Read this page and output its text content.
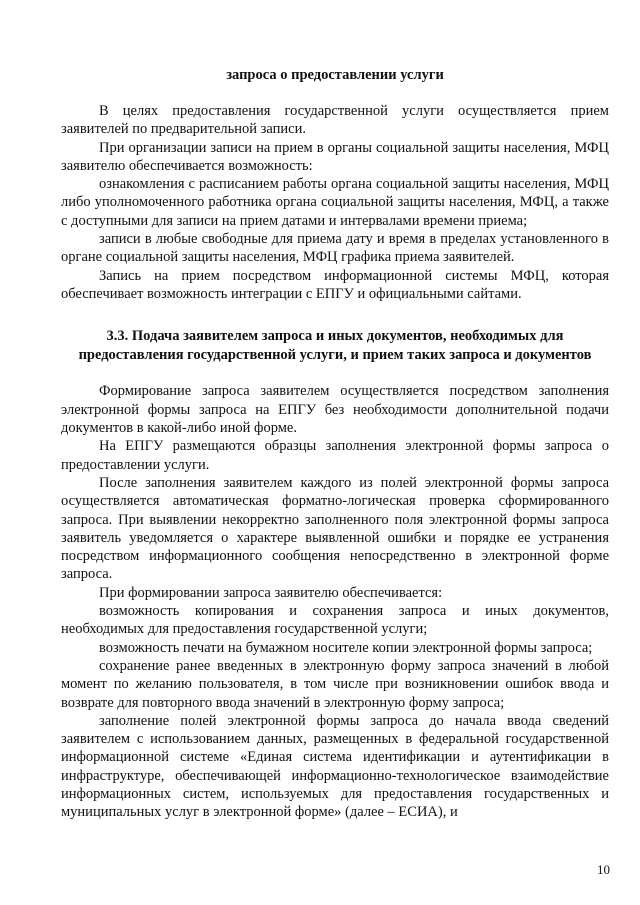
запроса о предоставлении услуги

В целях предоставления государственной услуги осуществляется прием заявителей по предварительной записи.

При организации записи на прием в органы социальной защиты населения, МФЦ заявителю обеспечивается возможность:

ознакомления с расписанием работы органа социальной защиты населения, МФЦ либо уполномоченного работника органа социальной защиты населения, МФЦ, а также с доступными для записи на прием датами и интервалами времени приема;

записи в любые свободные для приема дату и время в пределах установленного в органе социальной защиты населения, МФЦ графика приема заявителей.

Запись на прием посредством информационной системы МФЦ, которая обеспечивает возможность интеграции с ЕПГУ и официальными сайтами.

3.3. Подача заявителем запроса и иных документов, необходимых для предоставления государственной услуги, и прием таких запроса и документов

Формирование запроса заявителем осуществляется посредством заполнения электронной формы запроса на ЕПГУ без необходимости дополнительной подачи документов в какой-либо иной форме.

На ЕПГУ размещаются образцы заполнения электронной формы запроса о предоставлении услуги.

После заполнения заявителем каждого из полей электронной формы запроса осуществляется автоматическая форматно-логическая проверка сформированного запроса. При выявлении некорректно заполненного поля электронной формы запроса заявитель уведомляется о характере выявленной ошибки и порядке ее устранения посредством информационного сообщения непосредственно в электронной форме запроса.

При формировании запроса заявителю обеспечивается:

возможность копирования и сохранения запроса и иных документов, необходимых для предоставления государственной услуги;

возможность печати на бумажном носителе копии электронной формы запроса;

сохранение ранее введенных в электронную форму запроса значений в любой момент по желанию пользователя, в том числе при возникновении ошибок ввода и возврате для повторного ввода значений в электронную форму запроса;

заполнение полей электронной формы запроса до начала ввода сведений заявителем с использованием данных, размещенных в федеральной государственной информационной системе «Единая система идентификации и аутентификации в инфраструктуре, обеспечивающей информационно-технологическое взаимодействие информационных систем, используемых для предоставления государственных и муниципальных услуг в электронной форме» (далее – ЕСИА), и

10
